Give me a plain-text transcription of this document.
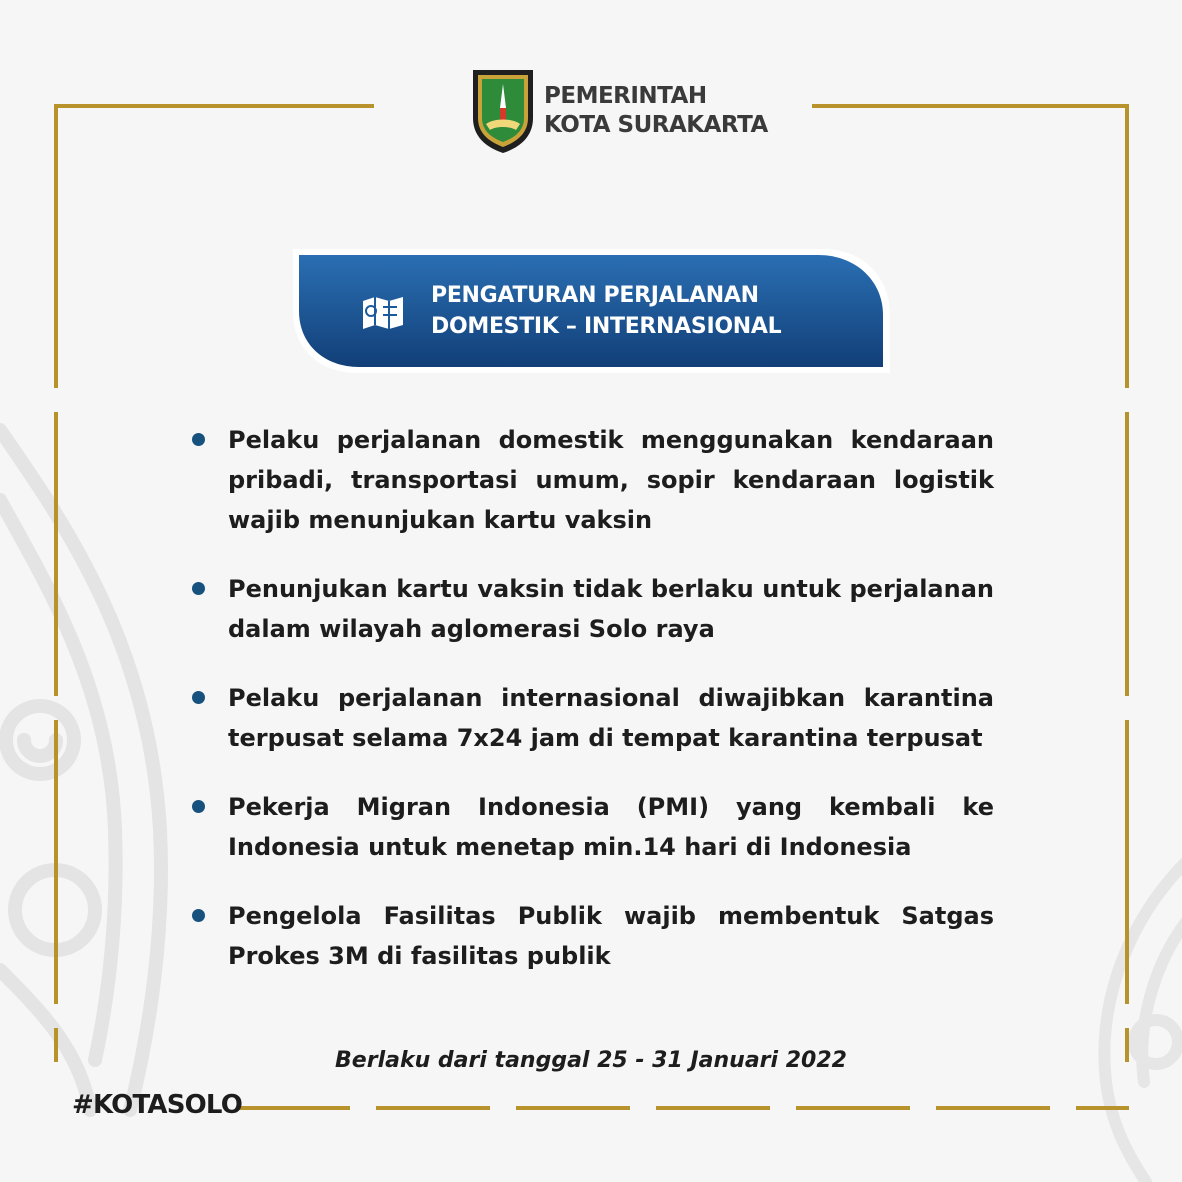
PEMERINTAH
KOTA SURAKARTA
PENGATURAN PERJALANAN
DOMESTIK – INTERNASIONAL
Pelaku perjalanan domestik menggunakan kendaraan pribadi, transportasi umum, sopir kendaraan logistik wajib menunjukan kartu vaksin
Penunjukan kartu vaksin tidak berlaku untuk perjalanan dalam wilayah aglomerasi Solo raya
Pelaku perjalanan internasional diwajibkan karantina terpusat selama 7x24 jam di tempat karantina terpusat
Pekerja Migran Indonesia (PMI) yang kembali ke Indonesia untuk menetap min.14 hari di Indonesia
Pengelola Fasilitas Publik wajib membentuk Satgas Prokes 3M di fasilitas publik
Berlaku dari tanggal 25 - 31 Januari 2022
#KOTASOLO
